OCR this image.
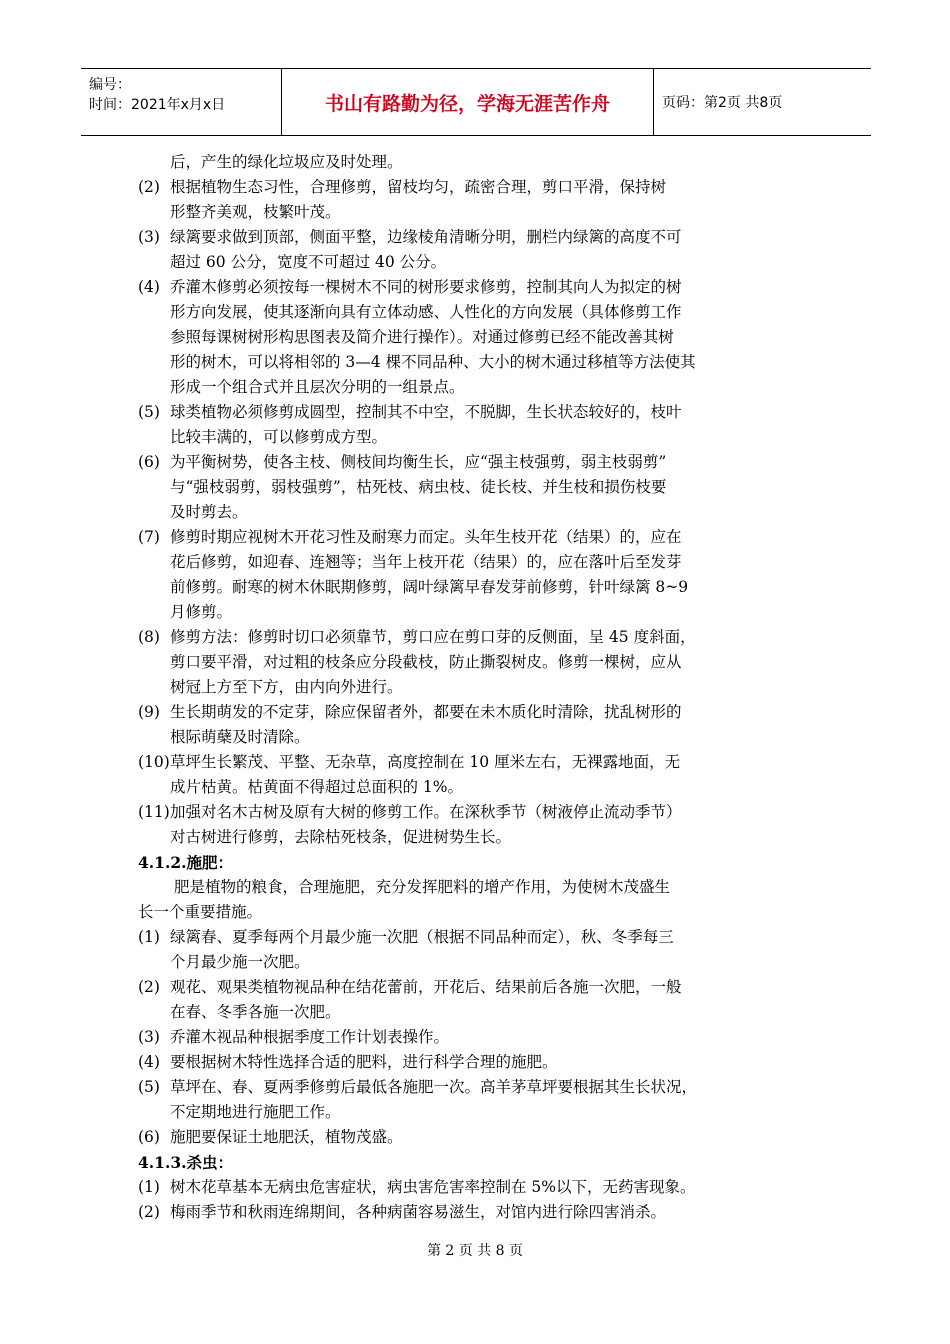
编号：
时间：2021年x月x日	书山有路勤为径，学海无涯苦作舟	页码：第2页 共8页
后，产生的绿化垃圾应及时处理。
(2) 根据植物生态习性，合理修剪，留枝均匀，疏密合理，剪口平滑，保持树
形整齐美观，枝繁叶茂。
(3) 绿篱要求做到顶部，侧面平整，边缘棱角清晰分明，删栏内绿篱的高度不可
超过 60 公分，宽度不可超过 40 公分。
(4) 乔灌木修剪必须按每一棵树木不同的树形要求修剪，控制其向人为拟定的树
形方向发展，使其逐渐向具有立体动感、人性化的方向发展（具体修剪工作
参照每课树树形构思图表及简介进行操作）。对通过修剪已经不能改善其树
形的树木，可以将相邻的 3—4 棵不同品种、大小的树木通过移植等方法使其
形成一个组合式并且层次分明的一组景点。
(5) 球类植物必须修剪成圆型，控制其不中空，不脱脚，生长状态较好的，枝叶
比较丰满的，可以修剪成方型。
(6) 为平衡树势，使各主枝、侧枝间均衡生长，应“强主枝强剪，弱主枝弱剪”
与“强枝弱剪，弱枝强剪”，枯死枝、病虫枝、徒长枝、并生枝和损伤枝要
及时剪去。
(7) 修剪时期应视树木开花习性及耐寒力而定。头年生枝开花（结果）的，应在
花后修剪，如迎春、连翘等；当年上枝开花（结果）的，应在落叶后至发芽
前修剪。耐寒的树木休眠期修剪，阔叶绿篱早春发芽前修剪，针叶绿篱 8~9
月修剪。
(8) 修剪方法：修剪时切口必须靠节，剪口应在剪口芽的反侧面，呈 45 度斜面，
剪口要平滑，对过粗的枝条应分段截枝，防止撕裂树皮。修剪一棵树，应从
树冠上方至下方，由内向外进行。
(9) 生长期萌发的不定芽，除应保留者外，都要在未木质化时清除，扰乱树形的
根际萌蘖及时清除。
(10) 草坪生长繁茂、平整、无杂草，高度控制在 10 厘米左右，无裸露地面，无
成片枯黄。枯黄面不得超过总面积的 1%。
(11) 加强对名木古树及原有大树的修剪工作。在深秋季节（树液停止流动季节）
对古树进行修剪，去除枯死枝条，促进树势生长。
4.1.2.施肥：
肥是植物的粮食，合理施肥，充分发挥肥料的增产作用，为使树木茂盛生
长一个重要措施。
(1) 绿篱春、夏季每两个月最少施一次肥（根据不同品种而定），秋、冬季每三
个月最少施一次肥。
(2) 观花、观果类植物视品种在结花蕾前，开花后、结果前后各施一次肥，一般
在春、冬季各施一次肥。
(3) 乔灌木视品种根据季度工作计划表操作。
(4) 要根据树木特性选择合适的肥料，进行科学合理的施肥。
(5) 草坪在、春、夏两季修剪后最低各施肥一次。高羊茅草坪要根据其生长状况，
不定期地进行施肥工作。
(6) 施肥要保证土地肥沃，植物茂盛。
4.1.3.杀虫：
(1) 树木花草基本无病虫危害症状，病虫害危害率控制在 5%以下，无药害现象。
(2) 梅雨季节和秋雨连绵期间，各种病菌容易滋生，对馆内进行除四害消杀。
第 2 页 共 8 页
